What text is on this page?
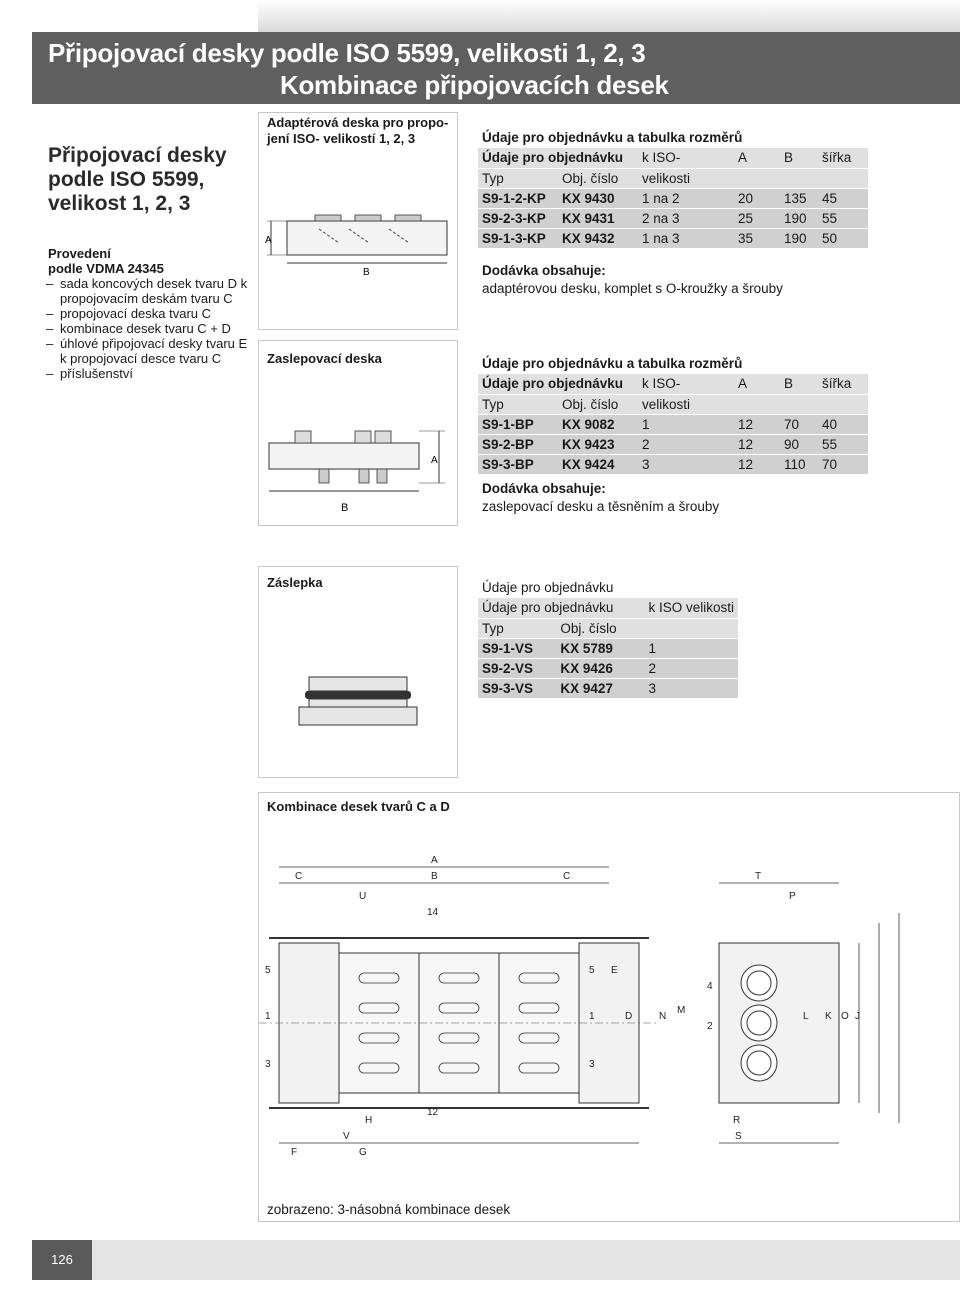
Připojovací desky podle ISO 5599, velikosti 1, 2, 3
Kombinace připojovacích desek
Připojovací desky
podle ISO 5599,
velikost 1, 2, 3
Provedení
podle VDMA 24345
– sada koncových desek tvaru D k propojovacím deskám tvaru C
– propojovací deska tvaru C
– kombinace desek tvaru C + D
– úhlové připojovací desky tvaru E k propojovací desce tvaru C
– příslušenství
Adaptérová deska pro propo-
jení ISO- velikostí 1, 2, 3
A
B
Údaje pro objednávku a tabulka rozměrů
Údaje pro objednávku		k ISO-	A	B	šířka
Typ	Obj. číslo	velikosti			
S9-1-2-KP	KX 9430	1 na 2	20	135	45
S9-2-3-KP	KX 9431	2 na 3	25	190	55
S9-1-3-KP	KX 9432	1 na 3	35	190	50
Dodávka obsahuje:
adaptérovou desku, komplet s O-kroužky a šrouby
Zaslepovací deska
A
B
Údaje pro objednávku a tabulka rozměrů
Údaje pro objednávku		k ISO-	A	B	šířka
Typ	Obj. číslo	velikosti			
S9-1-BP	KX 9082	1	12	70	40
S9-2-BP	KX 9423	2	12	90	55
S9-3-BP	KX 9424	3	12	110	70
Dodávka obsahuje:
zaslepovací desku a těsněním a šrouby
Záslepka	Údaje pro objednávku
Údaje pro objednávku		k ISO velikosti
Typ	Obj. číslo	
S9-1-VS	KX 5789	1
S9-2-VS	KX 9426	2
S9-3-VS	KX 9427	3
Kombinace desek tvarů C a D
A
C	B	C	T
U	P
14
5
1
3
5
1
3
E
D	N
M
4
2
L K O J
H
12
V
F	G
R
S
zobrazeno: 3-násobná kombinace desek
126
